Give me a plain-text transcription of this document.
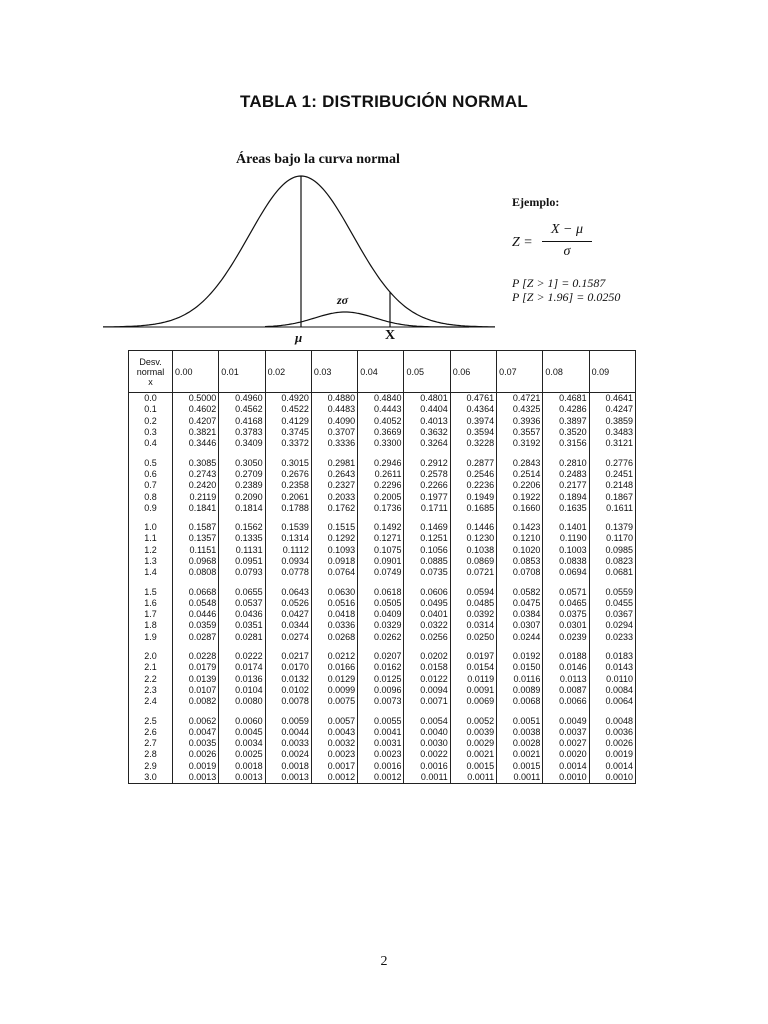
TABLA 1: DISTRIBUCIÓN NORMAL
Áreas bajo la curva normal
zσ
μ	X
Ejemplo:
Z =
X − μ
σ
P [Z > 1] = 0.1587
P [Z > 1.96] = 0.0250
Desv.
normal
x	0.00	0.01	0.02	0.03	0.04	0.05	0.06	0.07	0.08	0.09
0.0	0.5000	0.4960	0.4920	0.4880	0.4840	0.4801	0.4761	0.4721	0.4681	0.4641
0.1	0.4602	0.4562	0.4522	0.4483	0.4443	0.4404	0.4364	0.4325	0.4286	0.4247
0.2	0.4207	0.4168	0.4129	0.4090	0.4052	0.4013	0.3974	0.3936	0.3897	0.3859
0.3	0.3821	0.3783	0.3745	0.3707	0.3669	0.3632	0.3594	0.3557	0.3520	0.3483
0.4	0.3446	0.3409	0.3372	0.3336	0.3300	0.3264	0.3228	0.3192	0.3156	0.3121

0.5	0.3085	0.3050	0.3015	0.2981	0.2946	0.2912	0.2877	0.2843	0.2810	0.2776
0.6	0.2743	0.2709	0.2676	0.2643	0.2611	0.2578	0.2546	0.2514	0.2483	0.2451
0.7	0.2420	0.2389	0.2358	0.2327	0.2296	0.2266	0.2236	0.2206	0.2177	0.2148
0.8	0.2119	0.2090	0.2061	0.2033	0.2005	0.1977	0.1949	0.1922	0.1894	0.1867
0.9	0.1841	0.1814	0.1788	0.1762	0.1736	0.1711	0.1685	0.1660	0.1635	0.1611

1.0	0.1587	0.1562	0.1539	0.1515	0.1492	0.1469	0.1446	0.1423	0.1401	0.1379
1.1	0.1357	0.1335	0.1314	0.1292	0.1271	0.1251	0.1230	0.1210	0.1190	0.1170
1.2	0.1151	0.1131	0.1112	0.1093	0.1075	0.1056	0.1038	0.1020	0.1003	0.0985
1.3	0.0968	0.0951	0.0934	0.0918	0.0901	0.0885	0.0869	0.0853	0.0838	0.0823
1.4	0.0808	0.0793	0.0778	0.0764	0.0749	0.0735	0.0721	0.0708	0.0694	0.0681

1.5	0.0668	0.0655	0.0643	0.0630	0.0618	0.0606	0.0594	0.0582	0.0571	0.0559
1.6	0.0548	0.0537	0.0526	0.0516	0.0505	0.0495	0.0485	0.0475	0.0465	0.0455
1.7	0.0446	0.0436	0.0427	0.0418	0.0409	0.0401	0.0392	0.0384	0.0375	0.0367
1.8	0.0359	0.0351	0.0344	0.0336	0.0329	0.0322	0.0314	0.0307	0.0301	0.0294
1.9	0.0287	0.0281	0.0274	0.0268	0.0262	0.0256	0.0250	0.0244	0.0239	0.0233

2.0	0.0228	0.0222	0.0217	0.0212	0.0207	0.0202	0.0197	0.0192	0.0188	0.0183
2.1	0.0179	0.0174	0.0170	0.0166	0.0162	0.0158	0.0154	0.0150	0.0146	0.0143
2.2	0.0139	0.0136	0.0132	0.0129	0.0125	0.0122	0.0119	0.0116	0.0113	0.0110
2.3	0.0107	0.0104	0.0102	0.0099	0.0096	0.0094	0.0091	0.0089	0.0087	0.0084
2.4	0.0082	0.0080	0.0078	0.0075	0.0073	0.0071	0.0069	0.0068	0.0066	0.0064

2.5	0.0062	0.0060	0.0059	0.0057	0.0055	0.0054	0.0052	0.0051	0.0049	0.0048
2.6	0.0047	0.0045	0.0044	0.0043	0.0041	0.0040	0.0039	0.0038	0.0037	0.0036
2.7	0.0035	0.0034	0.0033	0.0032	0.0031	0.0030	0.0029	0.0028	0.0027	0.0026
2.8	0.0026	0.0025	0.0024	0.0023	0.0023	0.0022	0.0021	0.0021	0.0020	0.0019
2.9	0.0019	0.0018	0.0018	0.0017	0.0016	0.0016	0.0015	0.0015	0.0014	0.0014
3.0	0.0013	0.0013	0.0013	0.0012	0.0012	0.0011	0.0011	0.0011	0.0010	0.0010
2
